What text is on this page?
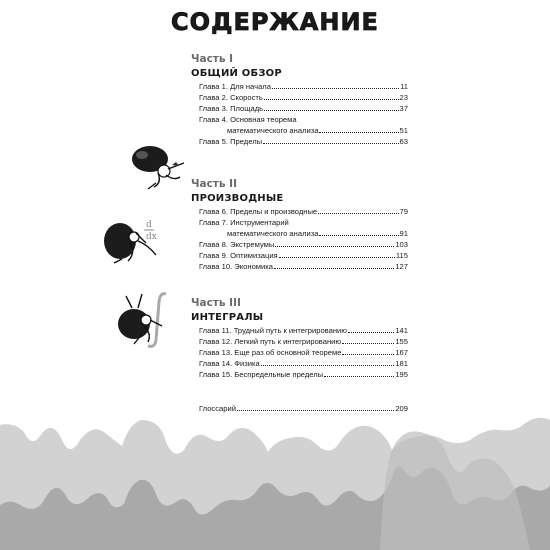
СОДЕРЖАНИЕ
d
dx
Часть I
ОБЩИЙ ОБЗОР
Глава 1. Для начала	11
Глава 2. Скорость	23
Глава 3. Площадь	37
Глава 4. Основная теорема
математического анализа	51
Глава 5. Пределы	63
Часть II
ПРОИЗВОДНЫЕ
Глава 6. Пределы и производные	79
Глава 7. Инструментарий
математического анализа	91
Глава 8. Экстремумы	103
Глава 9. Оптимизация	115
Глава 10. Экономика	127
Часть III
ИНТЕГРАЛЫ
Глава 11. Трудный путь к интегрированию	141
Глава 12. Легкий путь к интегрированию	155
Глава 13. Еще раз об основной теореме	167
Глава 14. Физика	181
Глава 15. Беспредельные пределы	195
Глоссарий	209
